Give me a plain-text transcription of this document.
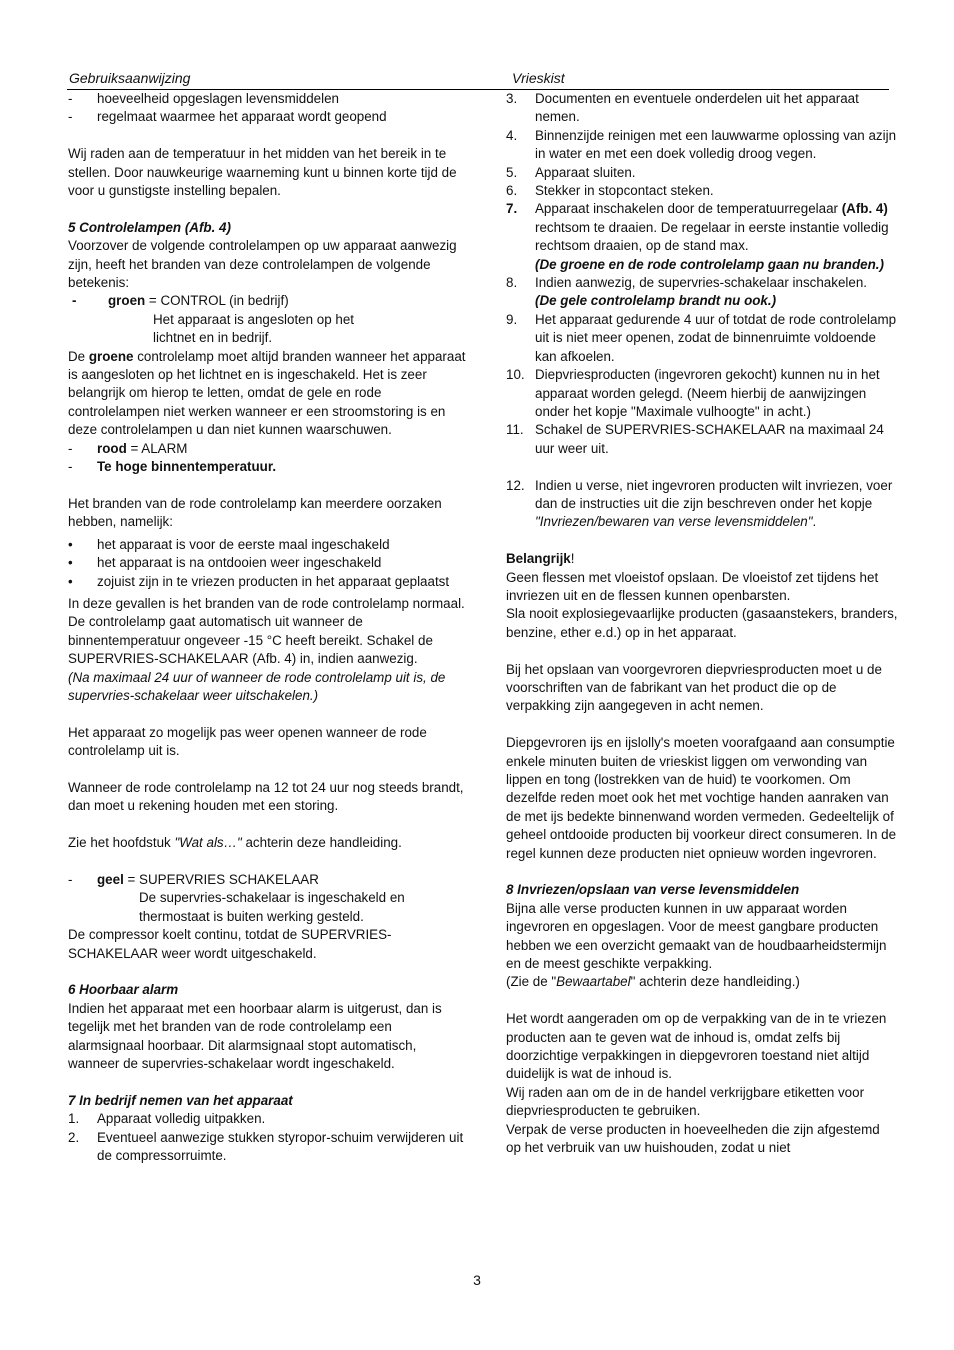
Gebruiksaanwijzing	Vrieskist
-	hoeveelheid opgeslagen levensmiddelen
-	regelmaat waarmee het apparaat wordt geopend

Wij raden aan de temperatuur in het midden van het bereik in te stellen. Door nauwkeurige waarneming kunt u binnen korte tijd de voor u gunstigste instelling bepalen.

5 Controlelampen (Afb. 4)

Voorzover de volgende controlelampen op uw apparaat aanwezig zijn, heeft het branden van deze controlelampen de volgende betekenis:

-	groen = CONTROL (in bedrijf)

Het apparaat is angesloten op het lichtnet en in bedrijf.

De groene controlelamp moet altijd branden wanneer het apparaat is aangesloten op het lichtnet en is ingeschakeld. Het is zeer belangrijk om hierop te letten, omdat de gele en rode controlelampen niet werken wanneer er een stroomstoring is en deze controlelampen u dan niet kunnen waarschuwen.

-	rood = ALARM
-	Te hoge binnentemperatuur.

Het branden van de rode controlelamp kan meerdere oorzaken hebben, namelijk:

•	het apparaat is voor de eerste maal ingeschakeld
•	het apparaat is na ontdooien weer ingeschakeld
•	zojuist zijn in te vriezen producten in het apparaat geplaatst

In deze gevallen is het branden van de rode controlelamp normaal. De controlelamp gaat automatisch uit wanneer de binnentemperatuur ongeveer -15 °C heeft bereikt. Schakel de SUPERVRIES-SCHAKELAAR (Afb. 4) in, indien aanwezig.

(Na maximaal 24 uur of wanneer de rode controlelamp uit is, de supervries-schakelaar weer uitschakelen.)

Het apparaat zo mogelijk pas weer openen wanneer de rode controlelamp uit is.

Wanneer de rode controlelamp na 12 tot 24 uur nog steeds brandt, dan moet u rekening houden met een storing.

Zie het hoofdstuk "Wat als…" achterin deze handleiding.

-	geel = SUPERVRIES SCHAKELAAR

De supervries-schakelaar is ingeschakeld en thermostaat is buiten werking gesteld.

De compressor koelt continu, totdat de SUPERVRIES-SCHAKELAAR weer wordt uitgeschakeld.

6 Hoorbaar alarm

Indien het apparaat met een hoorbaar alarm is uitgerust, dan is tegelijk met het branden van de rode controlelamp een alarmsignaal hoorbaar. Dit alarmsignaal stopt automatisch, wanneer de supervries-schakelaar wordt ingeschakeld.

7 In bedrijf nemen van het apparaat

1.	Apparaat volledig uitpakken.
2.	Eventueel aanwezige stukken styropor-schuim verwijderen uit de compressorruimte.
3.	Documenten en eventuele onderdelen uit het apparaat nemen.
4.	Binnenzijde reinigen met een lauwwarme oplossing van azijn in water en met een doek volledig droog vegen.
5.	Apparaat sluiten.
6.	Stekker in stopcontact steken.
7.	Apparaat inschakelen door de temperatuurregelaar (Afb. 4) rechtsom te draaien. De regelaar in eerste instantie volledig rechtsom draaien, op de stand max.
(De groene en de rode controlelamp gaan nu branden.)
8.	Indien aanwezig, de supervries-schakelaar inschakelen.
(De gele controlelamp brandt nu ook.)
9.	Het apparaat gedurende 4 uur of totdat de rode controlelamp uit is niet meer openen, zodat de binnenruimte voldoende kan afkoelen.
10. Diepvriesproducten (ingevroren gekocht) kunnen nu in het apparaat worden gelegd. (Neem hierbij de aanwijzingen onder het kopje "Maximale vulhoogte" in acht.)
11. Schakel de SUPERVRIES-SCHAKELAAR na maximaal 24 uur weer uit.
12. Indien u verse, niet ingevroren producten wilt invriezen, voer dan de instructies uit die zijn beschreven onder het kopje "Invriezen/bewaren van verse levensmiddelen".

Belangrijk!

Geen flessen met vloeistof opslaan. De vloeistof zet tijdens het invriezen uit en de flessen kunnen openbarsten.

Sla nooit explosiegevaarlijke producten (gasaanstekers, branders, benzine, ether e.d.) op in het apparaat.

Bij het opslaan van voorgevroren diepvriesproducten moet u de voorschriften van de fabrikant van het product die op de verpakking zijn aangegeven in acht nemen.

Diepgevroren ijs en ijslolly's moeten voorafgaand aan consumptie enkele minuten buiten de vrieskist liggen om verwonding van lippen en tong (lostrekken van de huid) te voorkomen. Om dezelfde reden moet ook het met vochtige handen aanraken van de met ijs bedekte binnenwand worden vermeden. Gedeeltelijk of geheel ontdooide producten bij voorkeur direct consumeren. In de regel kunnen deze producten niet opnieuw worden ingevroren.

8 Invriezen/opslaan van verse levensmiddelen

Bijna alle verse producten kunnen in uw apparaat worden ingevroren en opgeslagen. Voor de meest gangbare producten hebben we een overzicht gemaakt van de houdbaarheidstermijn en de meest geschikte verpakking.

(Zie de "Bewaartabel" achterin deze handleiding.)

Het wordt aangeraden om op de verpakking van de in te vriezen producten aan te geven wat de inhoud is, omdat zelfs bij doorzichtige verpakkingen in diepgevroren toestand niet altijd duidelijk is wat de inhoud is.

Wij raden aan om de in de handel verkrijgbare etiketten voor diepvriesproducten te gebruiken.

Verpak de verse producten in hoeveelheden die zijn afgestemd op het verbruik van uw huishouden, zodat u niet

3
